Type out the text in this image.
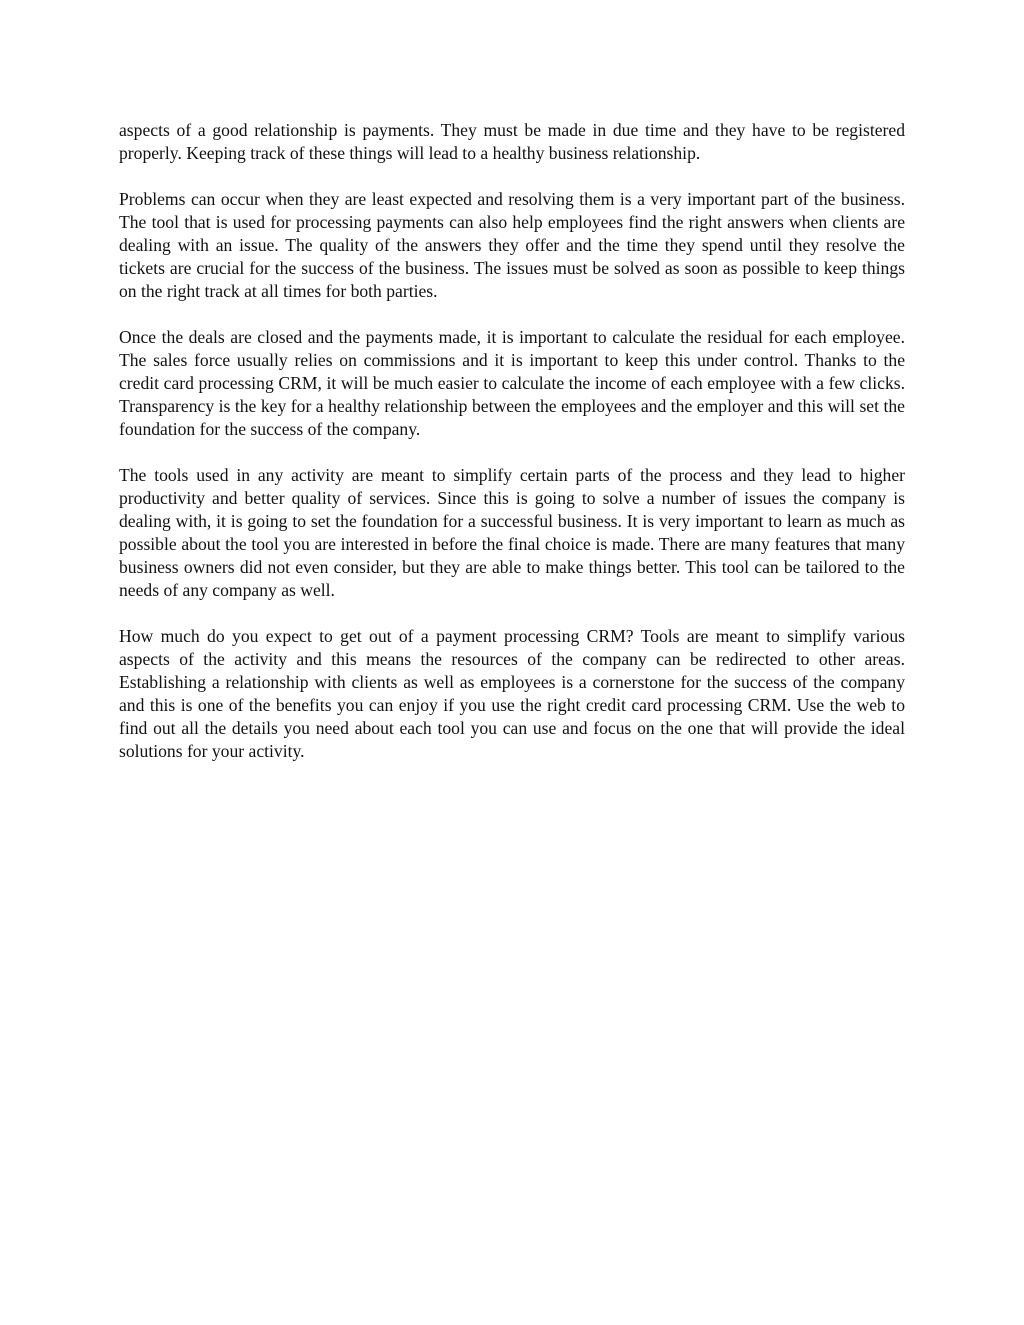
aspects of a good relationship is payments. They must be made in due time and they have to be registered properly. Keeping track of these things will lead to a healthy business relationship.

Problems can occur when they are least expected and resolving them is a very important part of the business. The tool that is used for processing payments can also help employees find the right answers when clients are dealing with an issue. The quality of the answers they offer and the time they spend until they resolve the tickets are crucial for the success of the business. The issues must be solved as soon as possible to keep things on the right track at all times for both parties.

Once the deals are closed and the payments made, it is important to calculate the residual for each employee. The sales force usually relies on commissions and it is important to keep this under control. Thanks to the credit card processing CRM, it will be much easier to calculate the income of each employee with a few clicks. Transparency is the key for a healthy relationship between the employees and the employer and this will set the foundation for the success of the company.

The tools used in any activity are meant to simplify certain parts of the process and they lead to higher productivity and better quality of services. Since this is going to solve a number of issues the company is dealing with, it is going to set the foundation for a successful business. It is very important to learn as much as possible about the tool you are interested in before the final choice is made. There are many features that many business owners did not even consider, but they are able to make things better. This tool can be tailored to the needs of any company as well.

How much do you expect to get out of a payment processing CRM? Tools are meant to simplify various aspects of the activity and this means the resources of the company can be redirected to other areas. Establishing a relationship with clients as well as employees is a cornerstone for the success of the company and this is one of the benefits you can enjoy if you use the right credit card processing CRM. Use the web to find out all the details you need about each tool you can use and focus on the one that will provide the ideal solutions for your activity.
